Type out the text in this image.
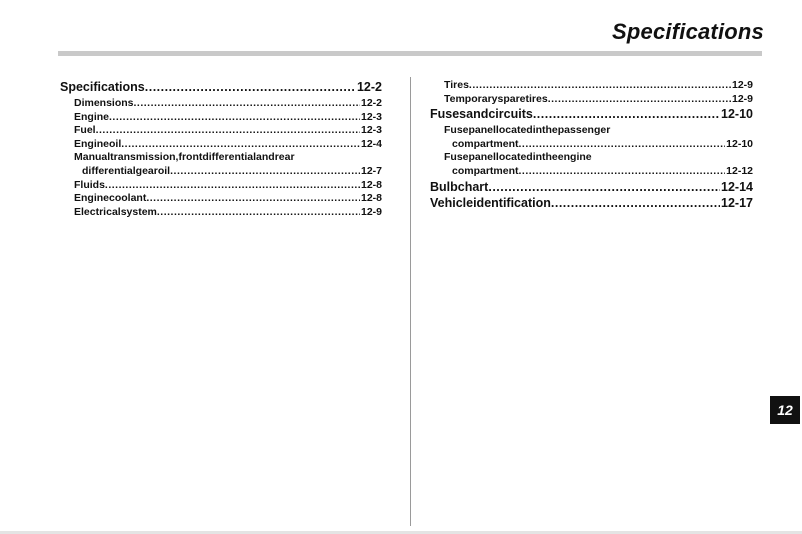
Specifications
Specifications .....	12-2
Dimensions .....	12-2
Engine .....	12-3
Fuel .....	12-3
Engineoil .....	12-4
Manualtransmission,frontdifferentialandrear
differentialgearoil .....	12-7
Fluids .....	12-8
Enginecoolant .....	12-8
Electricalsystem .....	12-9
Tires .....	12-9
Temporarysparetires .....	12-9
Fusesandcircuits .....	12-10
Fusepanellocatedinthepassenger
compartment .....	12-10
Fusepanellocatedintheengine
compartment .....	12-12
Bulbchart .....	12-14
Vehicleidentification .....	12-17
12
